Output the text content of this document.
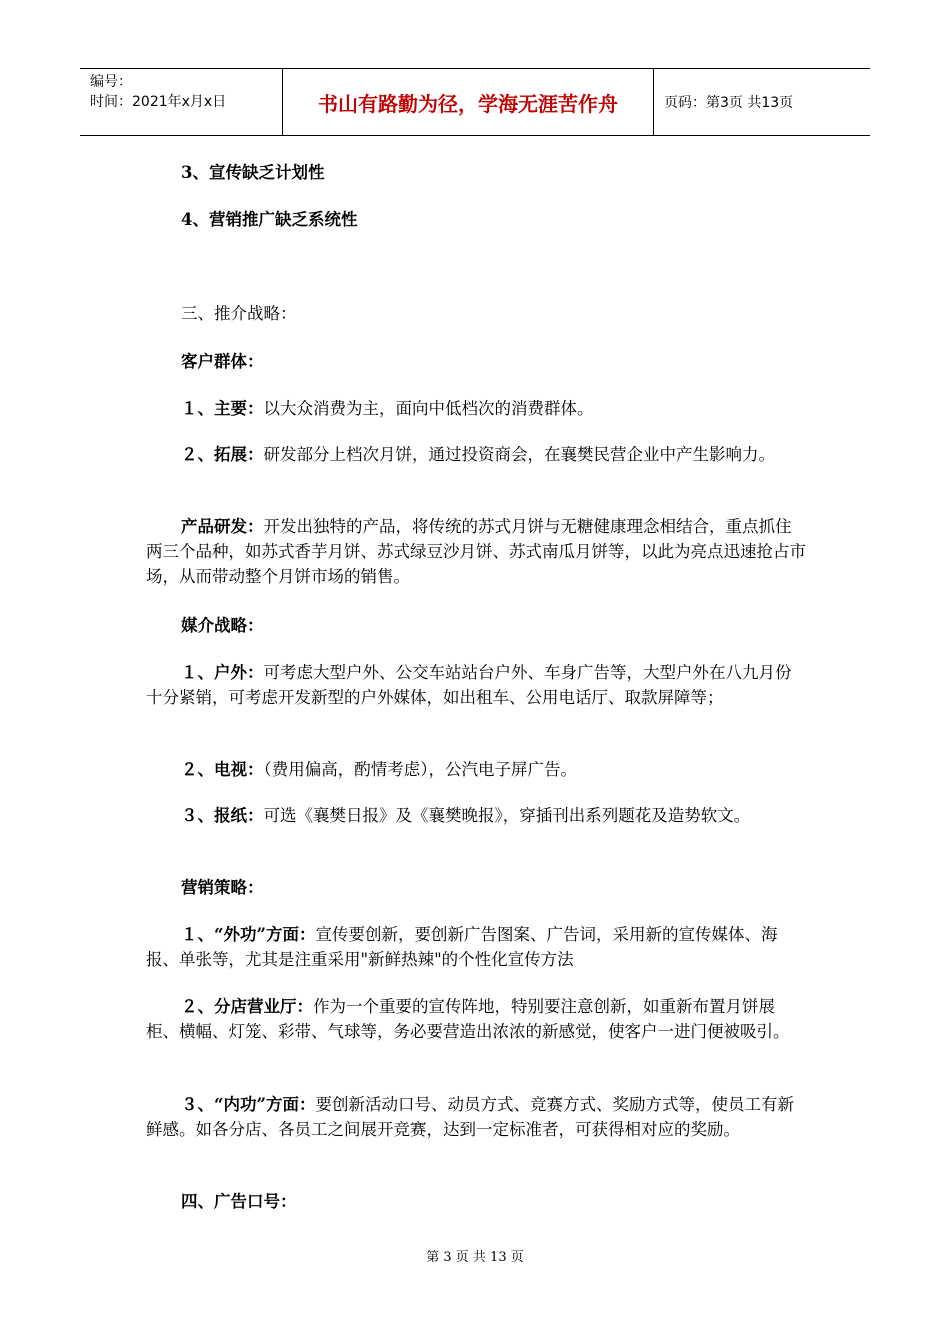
编号：
时间：2021年x月x日	书山有路勤为径，学海无涯苦作舟	页码：第3页 共13页

3、宣传缺乏计划性

4、营销推广缺乏系统性

三、推介战略：

客户群体：

１、主要：以大众消费为主，面向中低档次的消费群体。

２、拓展：研发部分上档次月饼，通过投资商会，在襄樊民营企业中产生影响力。

产品研发：开发出独特的产品，将传统的苏式月饼与无糖健康理念相结合，重点抓住两三个品种，如苏式香芋月饼、苏式绿豆沙月饼、苏式南瓜月饼等，以此为亮点迅速抢占市场，从而带动整个月饼市场的销售。

媒介战略：

１、户外：可考虑大型户外、公交车站站台户外、车身广告等，大型户外在八九月份十分紧销，可考虑开发新型的户外媒体，如出租车、公用电话厅、取款屏障等；

２、电视：（费用偏高，酌情考虑），公汽电子屏广告。

３、报纸：可选《襄樊日报》及《襄樊晚报》，穿插刊出系列题花及造势软文。

营销策略：

１、“外功”方面：宣传要创新，要创新广告图案、广告词，采用新的宣传媒体、海报、单张等，尤其是注重采用"新鲜热辣"的个性化宣传方法

２、分店营业厅：作为一个重要的宣传阵地，特别要注意创新，如重新布置月饼展柜、横幅、灯笼、彩带、气球等，务必要营造出浓浓的新感觉，使客户一进门便被吸引。

３、“内功”方面：要创新活动口号、动员方式、竞赛方式、奖励方式等，使员工有新鲜感。如各分店、各员工之间展开竞赛，达到一定标准者，可获得相对应的奖励。

四、广告口号：

第 3 页 共 13 页
